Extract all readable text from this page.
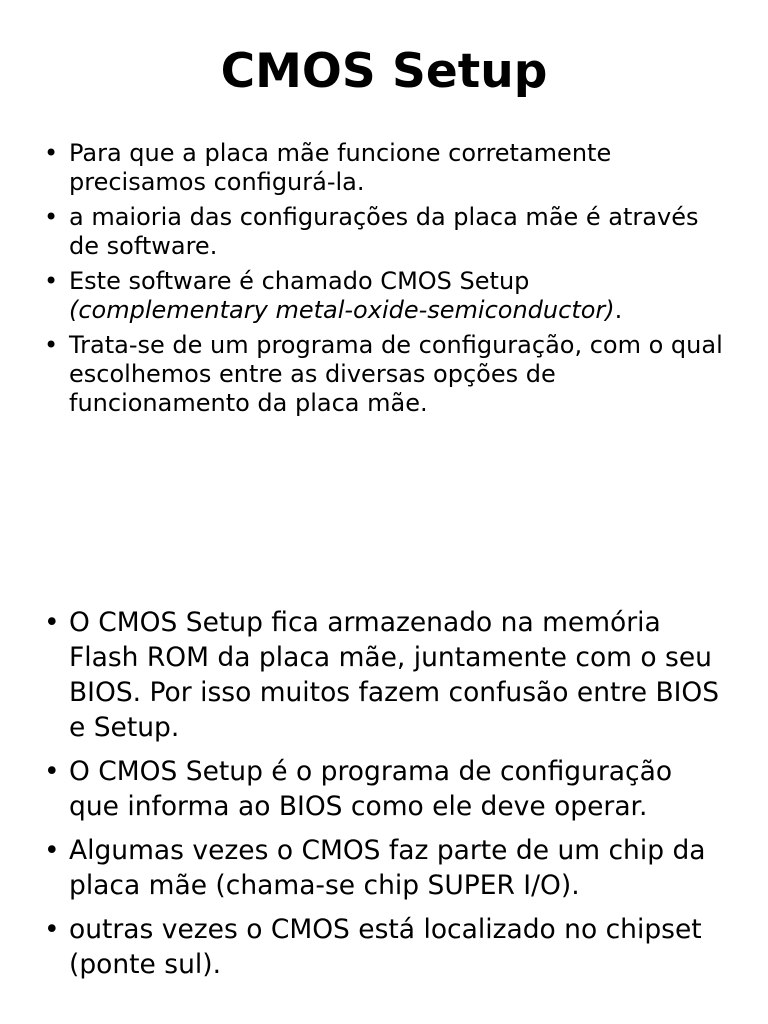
CMOS Setup
• Para que a placa mãe funcione corretamente precisamos configurá-la.
• a maioria das configurações da placa mãe é através de software.
• Este software é chamado CMOS Setup (complementary metal-oxide-semiconductor).
• Trata-se de um programa de configuração, com o qual escolhemos entre as diversas opções de funcionamento da placa mãe.
• O CMOS Setup fica armazenado na memória Flash ROM da placa mãe, juntamente com o seu BIOS. Por isso muitos fazem confusão entre BIOS e Setup.
• O CMOS Setup é o programa de configuração que informa ao BIOS como ele deve operar.
• Algumas vezes o CMOS faz parte de um chip da placa mãe (chama-se chip SUPER I/O).
• outras vezes o CMOS está localizado no chipset (ponte sul).
